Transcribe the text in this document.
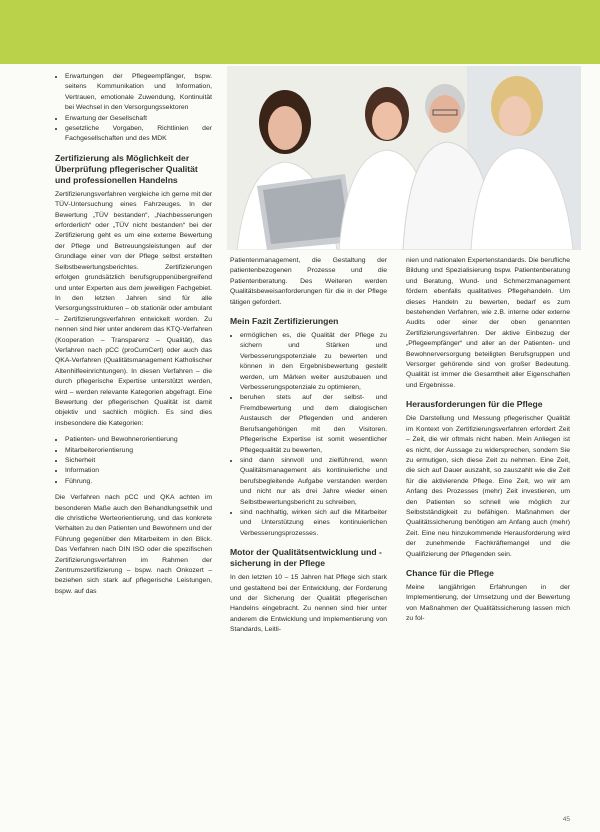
• Erwartungen der Pflegeempfänger, bspw. seitens Kommunikation und Information, Vertrauen, emotionale Zuwendung, Kontinuität bei Wechsel in den Versorgungssektoren
• Erwartung der Gesellschaft
• gesetzliche Vorgaben, Richtlinien der Fachgesellschaften und des MDK
Zertifizierung als Möglichkeit der Überprüfung pflegerischer Qualität und professionellen Handelns

Zertifizierungsverfahren vergleiche ich gerne mit der TÜV-Untersuchung eines Fahrzeuges. In der Bewertung „TÜV bestanden“, „Nachbesserungen erforderlich“ oder „TÜV nicht bestanden“ bei der Zertifizierung geht es um eine externe Bewertung der Pflege und Betreuungsleistungen auf der Grundlage einer von der Pflege selbst erstellten Selbstbewertungsberichtes. Zertifizierungen erfolgen grundsätzlich berufsgruppenübergreifend und unter Experten aus dem jeweiligen Fachgebiet. In den letzten Jahren sind für alle Versorgungsstrukturen – ob stationär oder ambulant – Zertifizierungsverfahren entwickelt worden. Zu nennen sind hier unter anderem das KTQ-Verfahren (Kooperation – Transparenz – Qualität), das Verfahren nach pCC (proCumCert) oder auch das QKA-Verfahren (Qualitätsmanagement Katholischer Altenhilfeeinrichtungen). In diesen Verfahren – die durch pflegerische Expertise unterstützt werden, wird – werden relevante Kategorien abgefragt. Eine Bewertung der pflegerischen Qualität ist damit objektiv und sachlich möglich. Es sind dies insbesondere die Kategorien:

• Patienten- und Bewohnerorientierung
• Mitarbeiterorientierung
• Sicherheit
• Information
• Führung.

Die Verfahren nach pCC und QKA achten im besonderen Maße auch den Behandlungsethik und die christliche Werteorientierung, und das konkrete Verhalten zu den Patienten und Bewohnern und der Führung gegenüber den Mitarbeitern in den Blick. Das Verfahren nach DIN ISO oder die spezifischen Zertifizierungsverfahren im Rahmen der Zentrumszertifizierung – bspw. nach Onkozert – beziehen sich stark auf pflegerische Leistungen, bspw. auf das

Patientenmanagement, die Gestaltung der patientenbezogenen Prozesse und die Patientenberatung. Des Weiteren werden Qualitätsbeweisanforderungen für die in der Pflege tätigen gefordert.

Mein Fazit Zertifizierungen
• ermöglichen es, die Qualität der Pflege zu sichern und Stärken und Verbesserungspotenziale zu bewerten und können in den Ergebnisbewertung gestellt werden, um Märken weiter auszubauen und Verbesserungspotenziale zu optimieren,
• beruhen stets auf der selbst- und Fremdbewertung und dem dialogischen Austausch der Pflegenden und anderen Berufsangehörigen mit den Visitoren. Pflegerische Expertise ist somit wesentlicher Pflegequalität zu bewerten,
• sind dann sinnvoll und zielführend, wenn Qualitätsmanagement als kontinuierliche und berufsbegleitende Aufgabe verstanden werden und nicht nur als drei Jahre wieder einen Selbstbewertungsbericht zu schreiben,
• sind nachhaltig, wirken sich auf die Mitarbeiter und Unterstützung eines kontinuierlichen Verbesserungsprozesses.
Motor der Qualitätsentwicklung und -sicherung in der Pflege

In den letzten 10 – 15 Jahren hat Pflege sich stark und gestaltend bei der Entwicklung, der Forderung und der Sicherung der Qualität pflegerischen Handelns eingebracht. Zu nennen sind hier unter anderem die Entwicklung und Implementierung von Standards, Leitli-

nien und nationalen Expertenstandards. Die berufliche Bildung und Spezialisierung bspw. Patientenberatung und Beratung, Wund- und Schmerzmanagement fördern ebenfalls qualitatives Pflegehandeln. Um dieses Handeln zu bewerten, bedarf es zum bestehenden Verfahren, wie z.B. interne oder externe Audits oder einer der oben genannten Zertifizierungsverfahren. Der aktive Einbezug der „Pflegeempfänger“ und aller an der Patienten- und Bewohnerversorgung beteiligten Berufsgruppen und Versorger gehörende sind von großer Bedeutung. Qualität ist immer die Gesamtheit aller Eigenschaften und Ergebnisse.

Herausforderungen für die Pflege

Die Darstellung und Messung pflegerischer Qualität im Kontext von Zertifizierungsverfahren erfordert Zeit – Zeit, die wir oftmals nicht haben. Mein Anliegen ist es nicht, der Aussage zu widersprechen, sondern Sie zu ermutigen, sich diese Zeit zu nehmen. Eine Zeit, die sich auf Dauer auszahlt, so zauszahlt wie die Zeit für die aktivierende Pflege. Eine Zeit, wo wir am Anfang des Prozesses (mehr) Zeit investieren, um den Patienten so schnell wie möglich zur Selbstständigkeit zu befähigen. Maßnahmen der Qualitätssicherung benötigen am Anfang auch (mehr) Zeit. Eine neu hinzukommende Herausforderung wird der zunehmende Fachkräftemangel und die Qualifizierung der Pflegenden sein.

Chance für die Pflege

Meine langjährigen Erfahrungen in der Implementierung, der Umsetzung und der Bewertung von Maßnahmen der Qualitätssicherung lassen mich zu fol-

45
